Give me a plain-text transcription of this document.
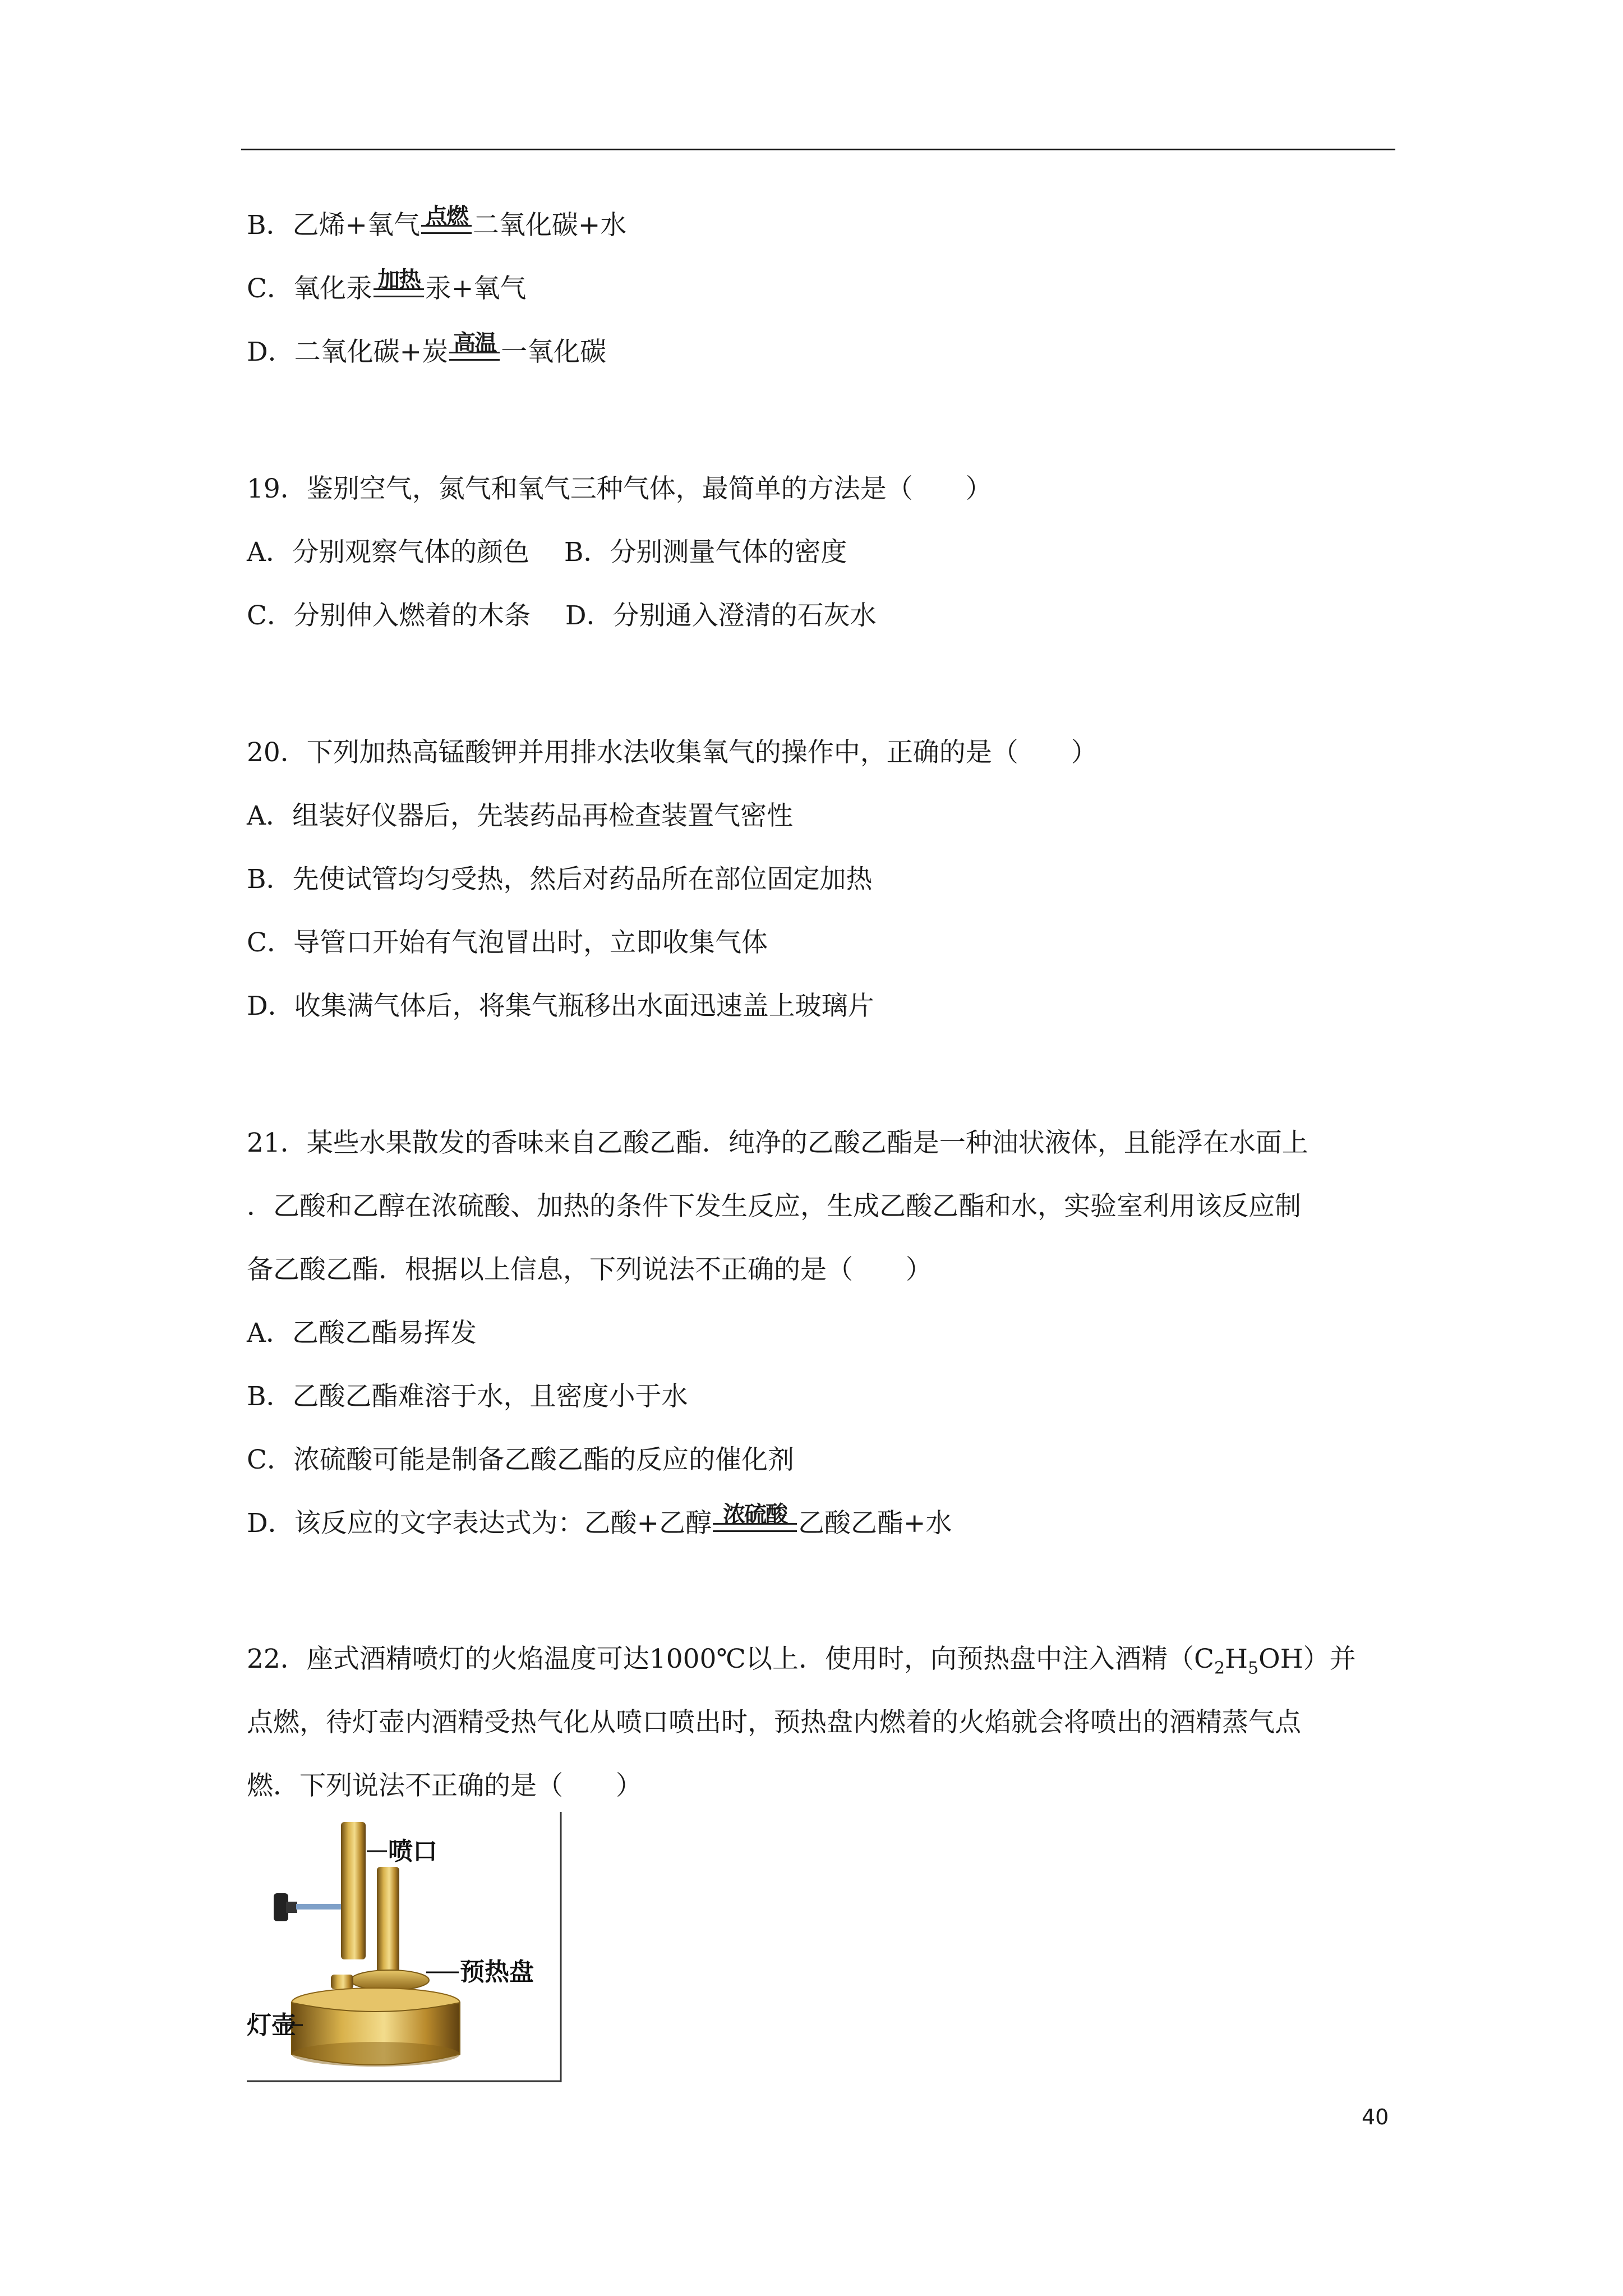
B．乙烯+氧气 点燃 二氧化碳+水
C．氧化汞 加热 汞+氧气
D．二氧化碳+炭 高温 一氧化碳
19．鉴别空气，氮气和氧气三种气体，最简单的方法是（　　）
A．分别观察气体的颜色　 B．分别测量气体的密度
C．分别伸入燃着的木条　 D．分别通入澄清的石灰水
20．下列加热高锰酸钾并用排水法收集氧气的操作中，正确的是（　　）
A．组装好仪器后，先装药品再检查装置气密性
B．先使试管均匀受热，然后对药品所在部位固定加热
C．导管口开始有气泡冒出时，立即收集气体
D．收集满气体后，将集气瓶移出水面迅速盖上玻璃片
21．某些水果散发的香味来自乙酸乙酯．纯净的乙酸乙酯是一种油状液体，且能浮在水面上
．乙酸和乙醇在浓硫酸、加热的条件下发生反应，生成乙酸乙酯和水，实验室利用该反应制
备乙酸乙酯．根据以上信息，下列说法不正确的是（　　）
A．乙酸乙酯易挥发
B．乙酸乙酯难溶于水，且密度小于水
C．浓硫酸可能是制备乙酸乙酯的反应的催化剂
D．该反应的文字表达式为：乙酸+乙醇 浓硫酸 乙酸乙酯+水
22．座式酒精喷灯的火焰温度可达1000℃以上．使用时，向预热盘中注入酒精$(C_2H_5OH)$并
点燃，待灯壶内酒精受热气化从喷口喷出时，预热盘内燃着的火焰就会将喷出的酒精蒸气点
燃．下列说法不正确的是（　　）
喷口
预热盘
灯壶
40
